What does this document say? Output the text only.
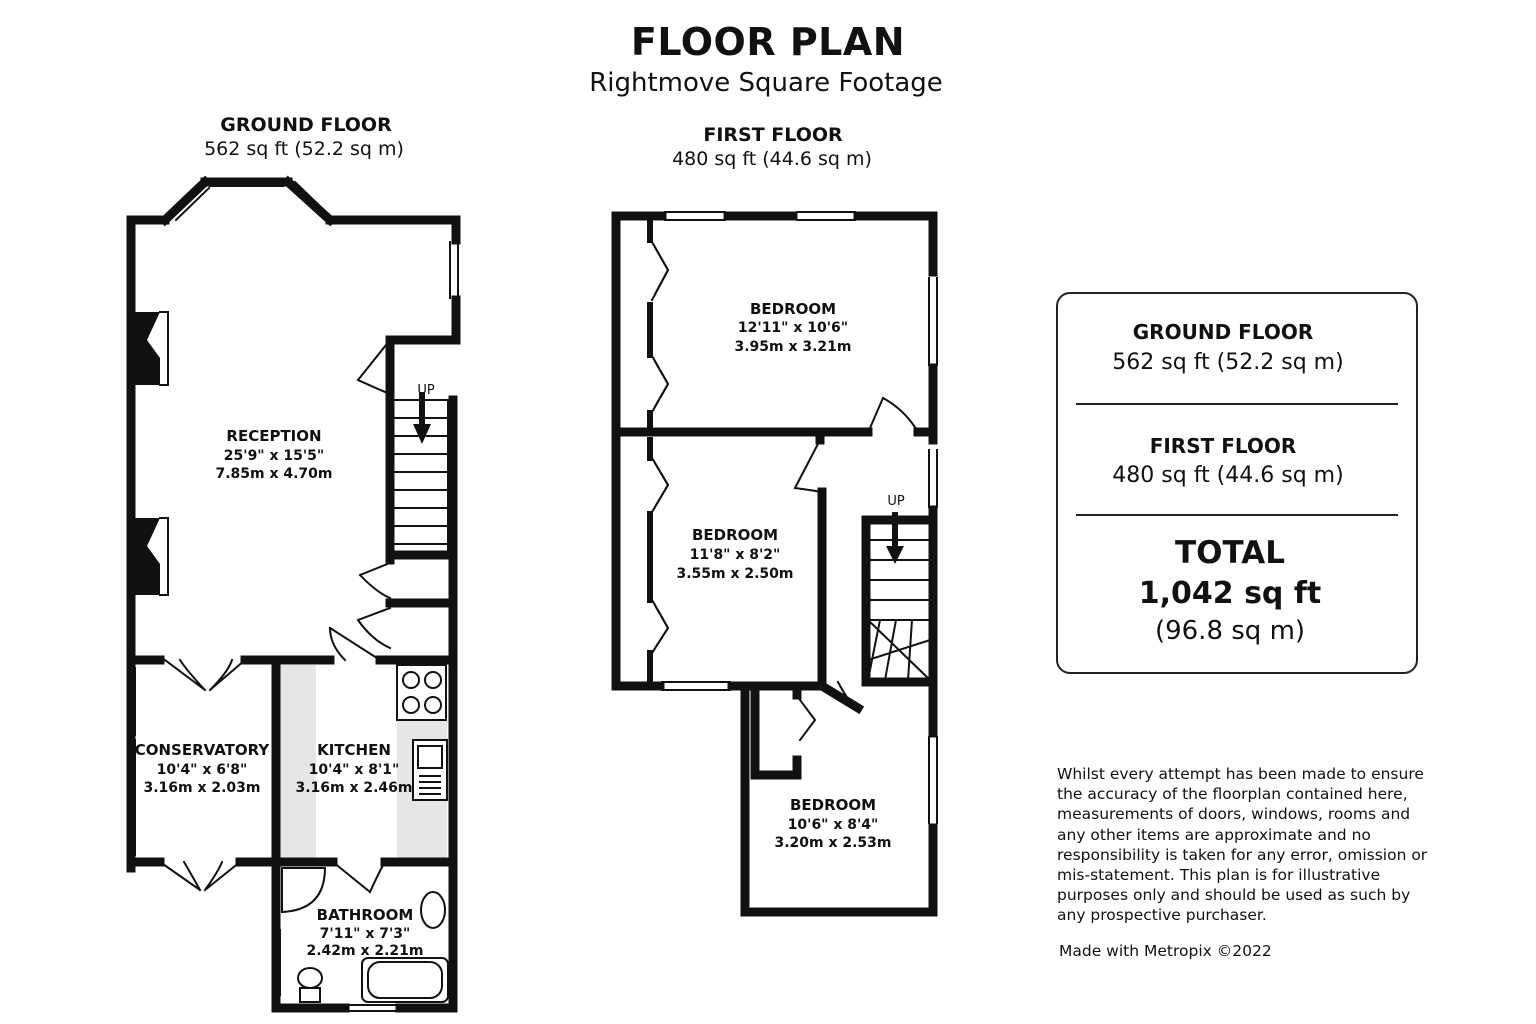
FLOOR PLAN
Rightmove Square Footage
GROUND FLOOR
562 sq ft (52.2 sq m)
FIRST FLOOR
480 sq ft (44.6 sq m)
RECEPTION
25'9" x 15'5"
7.85m x 4.70m
CONSERVATORY
10'4" x 6'8"
3.16m x 2.03m
KITCHEN
10'4" x 8'1"
3.16m x 2.46m
BATHROOM
7'11" x 7'3"
2.42m x 2.21m
UP
BEDROOM
12'11" x 10'6"
3.95m x 3.21m
BEDROOM
11'8" x 8'2"
3.55m x 2.50m
BEDROOM
10'6" x 8'4"
3.20m x 2.53m
UP
GROUND FLOOR
562 sq ft (52.2 sq m)
FIRST FLOOR
480 sq ft (44.6 sq m)
TOTAL
1,042 sq ft
(96.8 sq m)
Whilst every attempt has been made to ensure the accuracy of the floorplan contained here, measurements of doors, windows, rooms and any other items are approximate and no responsibility is taken for any error, omission or mis-statement. This plan is for illustrative purposes only and should be used as such by any prospective purchaser.
Made with Metropix ©2022
